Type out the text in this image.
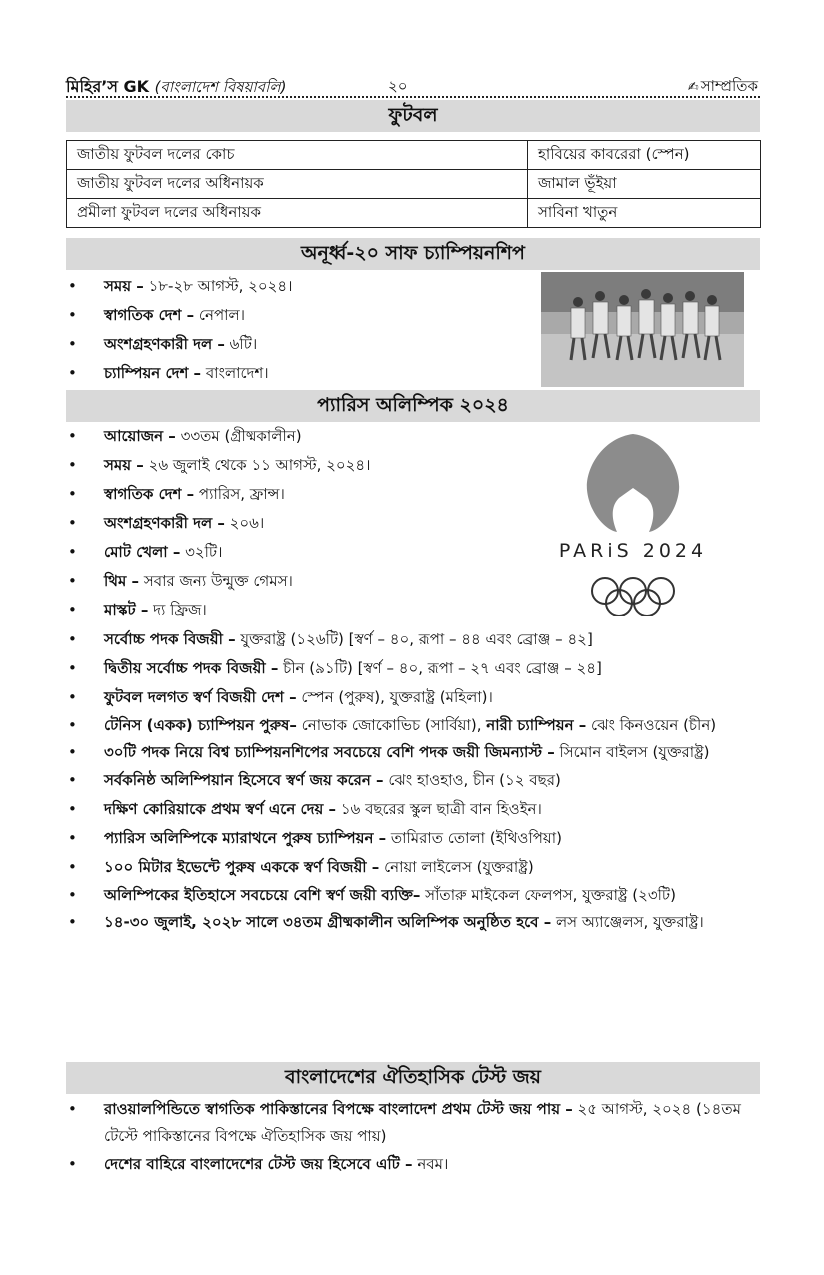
মিহির’স GK (বাংলাদেশ বিষয়াবলি)	২০	✍ সাম্প্রতিক
ফুটবল
জাতীয় ফুটবল দলের কোচ	হাবিয়ের কাবরেরা (স্পেন)
জাতীয় ফুটবল দলের অধিনায়ক	জামাল ভূঁইয়া
প্রমীলা ফুটবল দলের অধিনায়ক	সাবিনা খাতুন
অনূর্ধ্ব-২০ সাফ চ্যাম্পিয়নশিপ
• সময় – ১৮-২৮ আগস্ট, ২০২৪।
• স্বাগতিক দেশ – নেপাল।
• অংশগ্রহণকারী দল – ৬টি।
• চ্যাম্পিয়ন দেশ – বাংলাদেশ।
প্যারিস অলিম্পিক ২০২৪
• আয়োজন – ৩৩তম (গ্রীষ্মকালীন)
• সময় – ২৬ জুলাই থেকে ১১ আগস্ট, ২০২৪।
• স্বাগতিক দেশ – প্যারিস, ফ্রান্স।
• অংশগ্রহণকারী দল – ২০৬।
• মোট খেলা – ৩২টি।
• থিম – সবার জন্য উন্মুক্ত গেমস।
• মাস্কট – দ্য ফ্রিজ।
PARiS 2024
• সর্বোচ্চ পদক বিজয়ী – যুক্তরাষ্ট্র (১২৬টি) [স্বর্ণ – ৪০, রূপা – ৪৪ এবং ব্রোঞ্জ – ৪২]
• দ্বিতীয় সর্বোচ্চ পদক বিজয়ী – চীন (৯১টি) [স্বর্ণ – ৪০, রূপা – ২৭ এবং ব্রোঞ্জ – ২৪]
• ফুটবল দলগত স্বর্ণ বিজয়ী দেশ – স্পেন (পুরুষ), যুক্তরাষ্ট্র (মহিলা)।
• টেনিস (একক) চ্যাম্পিয়ন পুরুষ– নোভাক জোকোভিচ (সার্বিয়া), নারী চ্যাম্পিয়ন – ঝেং কিনওয়েন (চীন)
• ৩০টি পদক নিয়ে বিশ্ব চ্যাম্পিয়নশিপের সবচেয়ে বেশি পদক জয়ী জিমন্যাস্ট – সিমোন বাইলস (যুক্তরাষ্ট্র)
• সর্বকনিষ্ঠ অলিম্পিয়ান হিসেবে স্বর্ণ জয় করেন – ঝেং হাওহাও, চীন (১২ বছর)
• দক্ষিণ কোরিয়াকে প্রথম স্বর্ণ এনে দেয় – ১৬ বছরের স্কুল ছাত্রী বান হিওইন।
• প্যারিস অলিম্পিকে ম্যারাথনে পুরুষ চ্যাম্পিয়ন – তামিরাত তোলা (ইথিওপিয়া)
• ১০০ মিটার ইভেন্টে পুরুষ এককে স্বর্ণ বিজয়ী – নোয়া লাইলেস (যুক্তরাষ্ট্র)
• অলিম্পিকের ইতিহাসে সবচেয়ে বেশি স্বর্ণ জয়ী ব্যক্তি– সাঁতারু মাইকেল ফেলপস, যুক্তরাষ্ট্র (২৩টি)
• ১৪-৩০ জুলাই, ২০২৮ সালে ৩৪তম গ্রীষ্মকালীন অলিম্পিক অনুষ্ঠিত হবে – লস অ্যাঞ্জেলস, যুক্তরাষ্ট্র।
বাংলাদেশের ঐতিহাসিক টেস্ট জয়
• রাওয়ালপিন্ডিতে স্বাগতিক পাকিস্তানের বিপক্ষে বাংলাদেশ প্রথম টেস্ট জয় পায় – ২৫ আগস্ট, ২০২৪ (১৪তম টেস্টে পাকিস্তানের বিপক্ষে ঐতিহাসিক জয় পায়)
• দেশের বাহিরে বাংলাদেশের টেস্ট জয় হিসেবে এটি – নবম।
